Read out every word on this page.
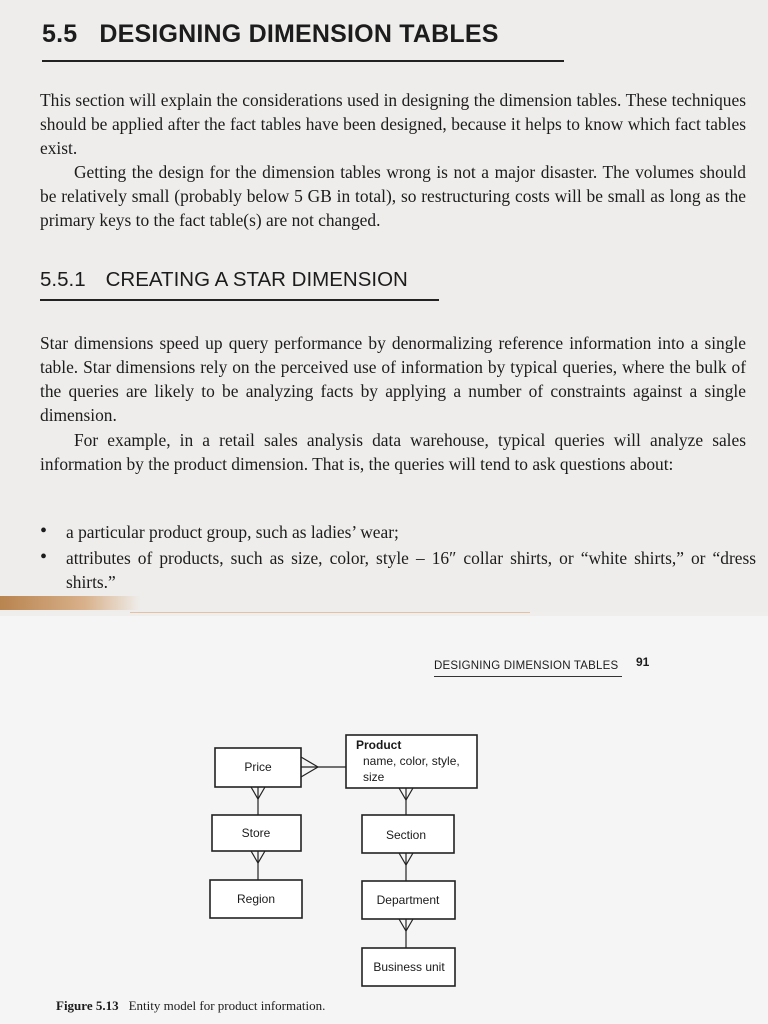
5.5 DESIGNING DIMENSION TABLES

This section will explain the considerations used in designing the dimension tables. These techniques should be applied after the fact tables have been designed, because it helps to know which fact tables exist.

Getting the design for the dimension tables wrong is not a major disaster. The volumes should be relatively small (probably below 5 GB in total), so restructuring costs will be small as long as the primary keys to the fact table(s) are not changed.

5.5.1 CREATING A STAR DIMENSION

Star dimensions speed up query performance by denormalizing reference information into a single table. Star dimensions rely on the perceived use of information by typical queries, where the bulk of the queries are likely to be analyzing facts by applying a number of constraints against a single dimension.

For example, in a retail sales analysis data warehouse, typical queries will analyze sales information by the product dimension. That is, the queries will tend to ask questions about:

• a particular product group, such as ladies’ wear;
• attributes of products, such as size, color, style – 16″ collar shirts, or “white shirts,” or “dress shirts.”
DESIGNING DIMENSION TABLES 91
Price
Product
name, color, style,
size
Store	Section
Region	Department
Business unit
Figure 5.13 Entity model for product information.
